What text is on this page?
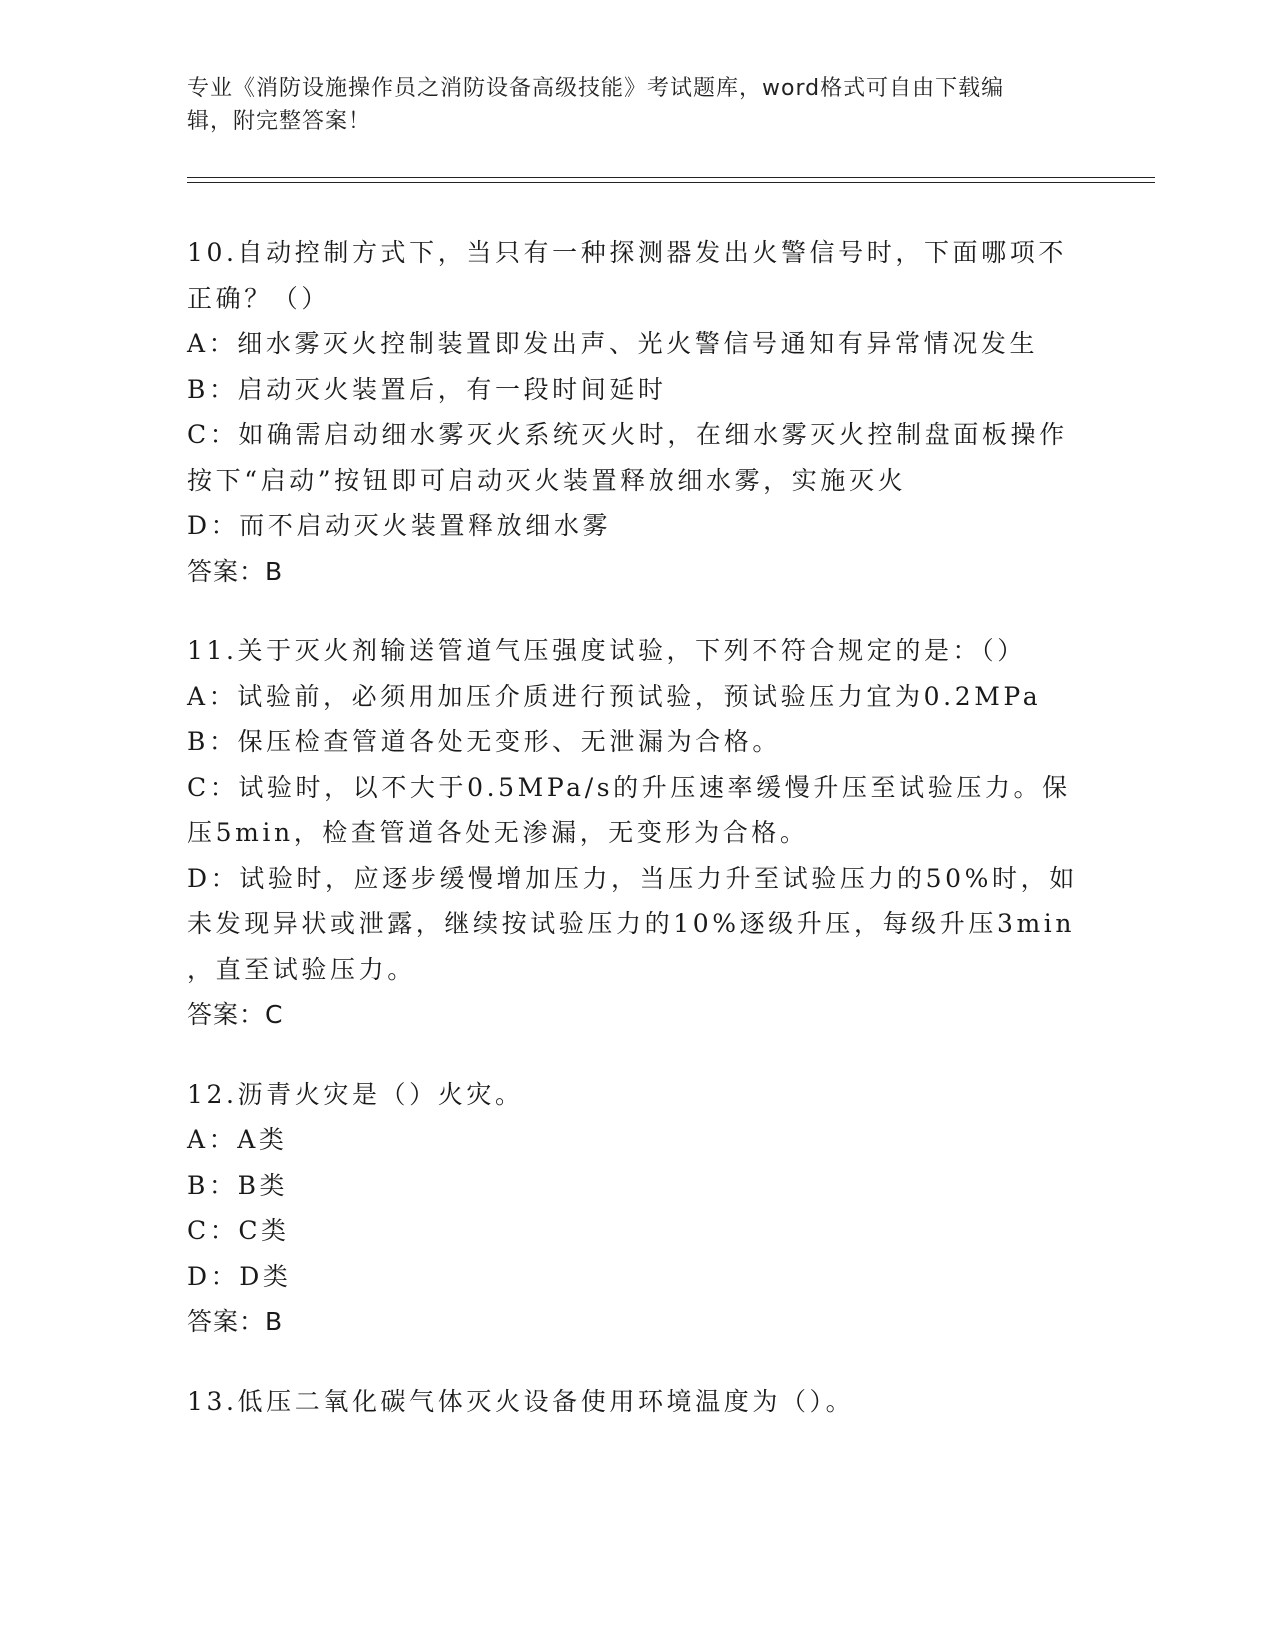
专业《消防设施操作员之消防设备高级技能》考试题库，word格式可自由下载编
辑，附完整答案！

10.自动控制方式下，当只有一种探测器发出火警信号时，下面哪项不

正确？（）

A：细水雾灭火控制装置即发出声、光火警信号通知有异常情况发生

B：启动灭火装置后，有一段时间延时

C：如确需启动细水雾灭火系统灭火时，在细水雾灭火控制盘面板操作

按下“启动”按钮即可启动灭火装置释放细水雾，实施灭火

D：而不启动灭火装置释放细水雾

答案：B

11.关于灭火剂输送管道气压强度试验，下列不符合规定的是：（）

A：试验前，必须用加压介质进行预试验，预试验压力宜为0.2MPa

B：保压检查管道各处无变形、无泄漏为合格。

C：试验时，以不大于0.5MPa/s的升压速率缓慢升压至试验压力。保

压5min，检查管道各处无渗漏，无变形为合格。

D：试验时，应逐步缓慢增加压力，当压力升至试验压力的50%时，如

未发现异状或泄露，继续按试验压力的10%逐级升压，每级升压3min

，直至试验压力。

答案：C

12.沥青火灾是（）火灾。

A：A类

B：B类

C：C类

D：D类

答案：B

13.低压二氧化碳气体灭火设备使用环境温度为（）。
